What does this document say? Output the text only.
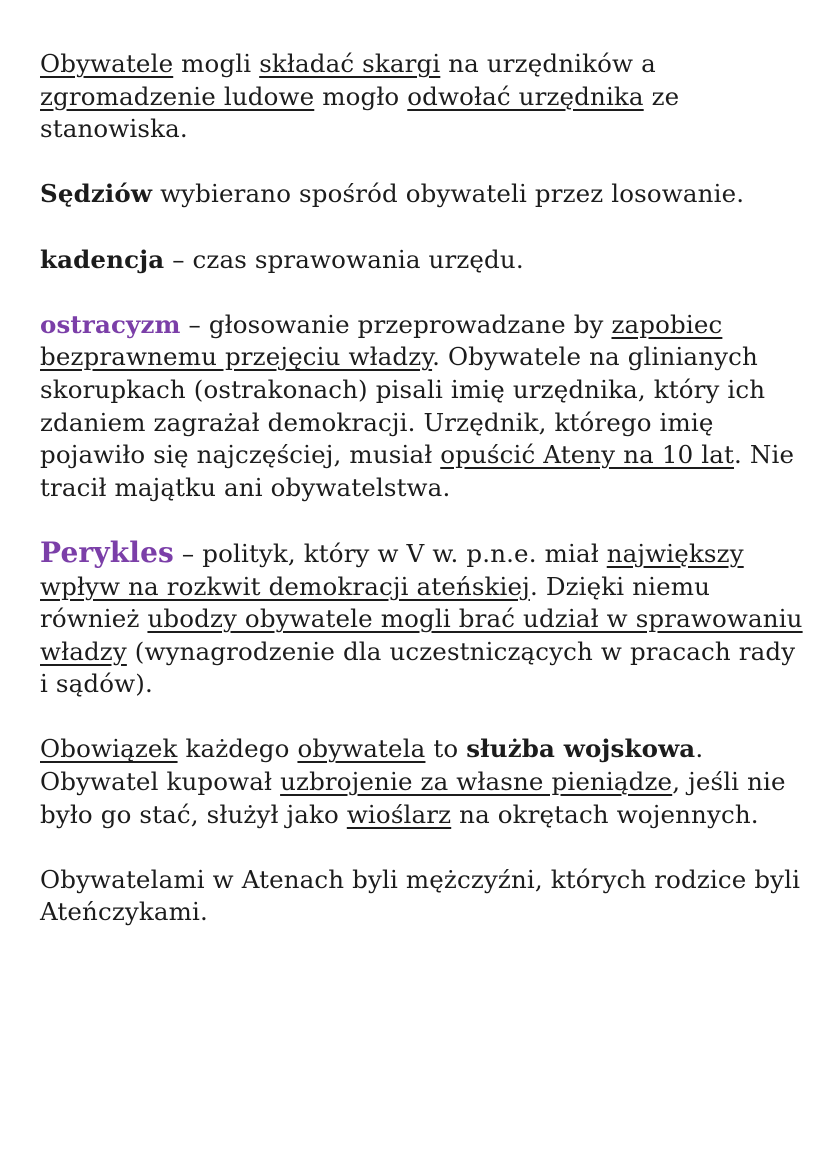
Obywatele mogli składać skargi na urzędników a zgromadzenie ludowe mogło odwołać urzędnika ze stanowiska.

Sędziów wybierano spośród obywateli przez losowanie.

kadencja – czas sprawowania urzędu.

ostracyzm – głosowanie przeprowadzane by zapobiec bezprawnemu przejęciu władzy. Obywatele na glinianych skorupkach (ostrakonach) pisali imię urzędnika, który ich zdaniem zagrażał demokracji. Urzędnik, którego imię pojawiło się najczęściej, musiał opuścić Ateny na 10 lat. Nie tracił majątku ani obywatelstwa.

Perykles – polityk, który w V w. p.n.e. miał największy wpływ na rozkwit demokracji ateńskiej. Dzięki niemu również ubodzy obywatele mogli brać udział w sprawowaniu władzy (wynagrodzenie dla uczestniczących w pracach rady i sądów).

Obowiązek każdego obywatela to służba wojskowa. Obywatel kupował uzbrojenie za własne pieniądze, jeśli nie było go stać, służył jako wioślarz na okrętach wojennych.

Obywatelami w Atenach byli mężczyźni, których rodzice byli Ateńczykami.
